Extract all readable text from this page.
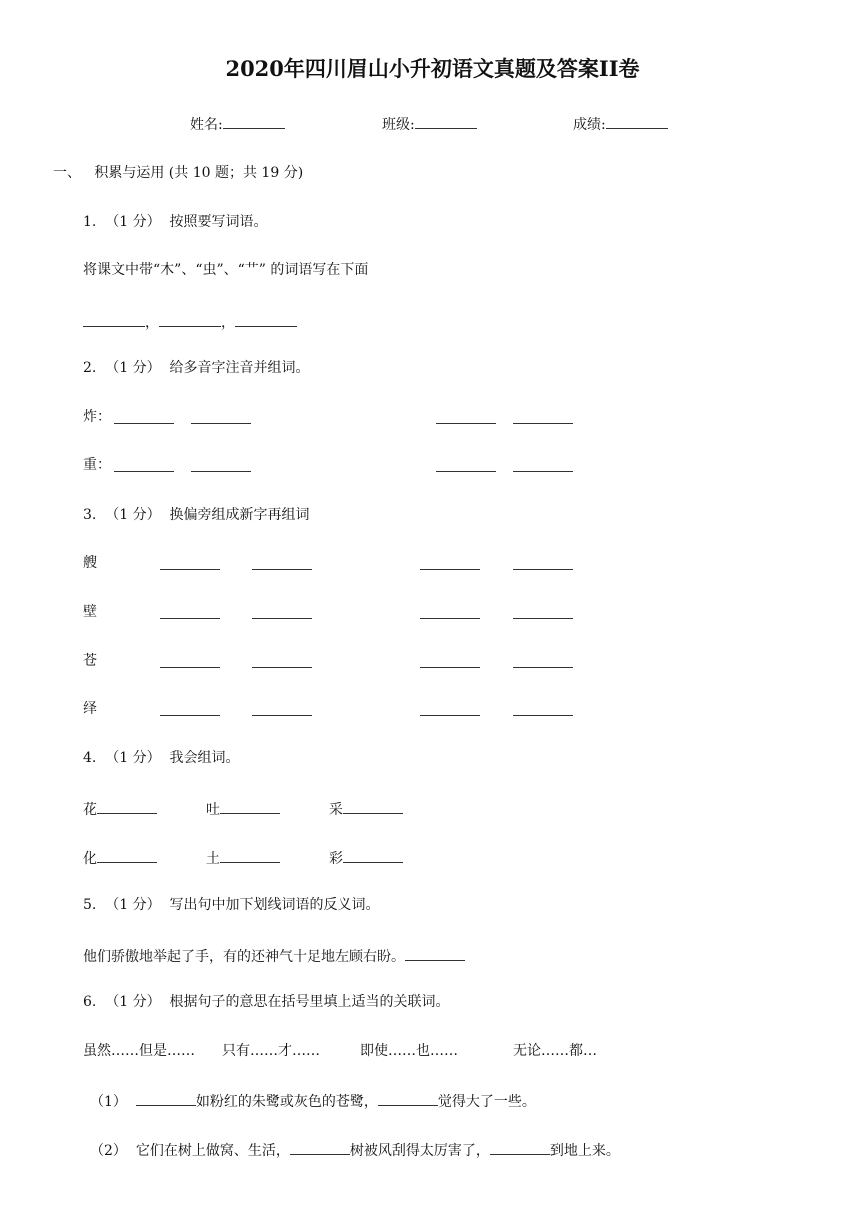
2020年四川眉山小升初语文真题及答案II卷
姓名:	班级:	成绩:
一、 积累与运用 (共 10 题；共 19 分)
1. （1 分） 按照要写词语。
将课文中带“木”、“虫”、“艹” 的词语写在下面
，	，
2. （1 分） 给多音字注音并组词。
炸：
重：
3. （1 分） 换偏旁组成新字再组词
艘
壁
苍
绎
4. （1 分） 我会组词。
花	吐	采
化	土	彩
5. （1 分） 写出句中加下划线词语的反义词。
他们骄傲地举起了手，有的还神气十足地左顾右盼。
6. （1 分） 根据句子的意思在括号里填上适当的关联词。
虽然……但是…… 只有……才……	即使……也……	无论……都…
（1）	如粉红的朱鹭或灰色的苍鹭，	觉得大了一些。
（2） 它们在树上做窝、生活，	树被风刮得太厉害了，	到地上来。
